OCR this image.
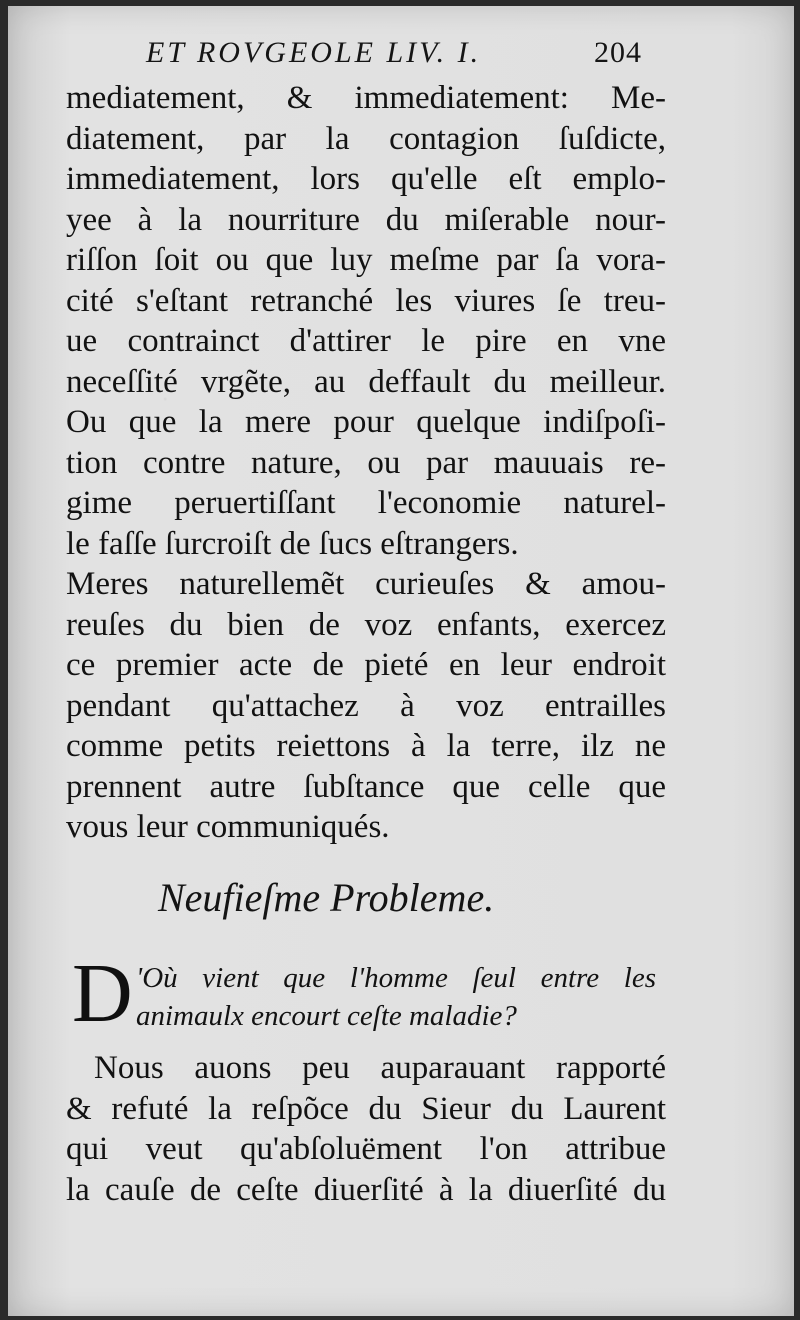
ET ROVGEOLE LIV. I.	204
mediatement, & immediatement: Me-
diatement, par la contagion ſuſdicte,
immediatement, lors qu'elle eſt emplo-
yee à la nourriture du miſerable nour-
riſſon ſoit ou que luy meſme par ſa vora-
cité s'eſtant retranché les viures ſe treu-
ue contrainct d'attirer le pire en vne
neceſſité vrgẽte, au deffault du meilleur.
Ou que la mere pour quelque indiſpoſi-
tion contre nature, ou par mauuais re-
gime peruertiſſant l'economie naturel-
le faſſe ſurcroiſt de ſucs eſtrangers.
Meres naturellemẽt curieuſes & amou-
reuſes du bien de voz enfants, exercez
ce premier acte de pieté en leur endroit
pendant qu'attachez à voz entrailles
comme petits reiettons à la terre, ilz ne
prennent autre ſubſtance que celle que
vous leur communiqués.
Neufieſme Probleme.
D 'Où vient que l'homme ſeul entre les
animaulx encourt ceſte maladie?
Nous auons peu auparauant rapporté
& refuté la reſpõce du Sieur du Laurent
qui veut qu'abſoluëment l'on attribue
la cauſe de ceſte diuerſité à la diuerſité du
